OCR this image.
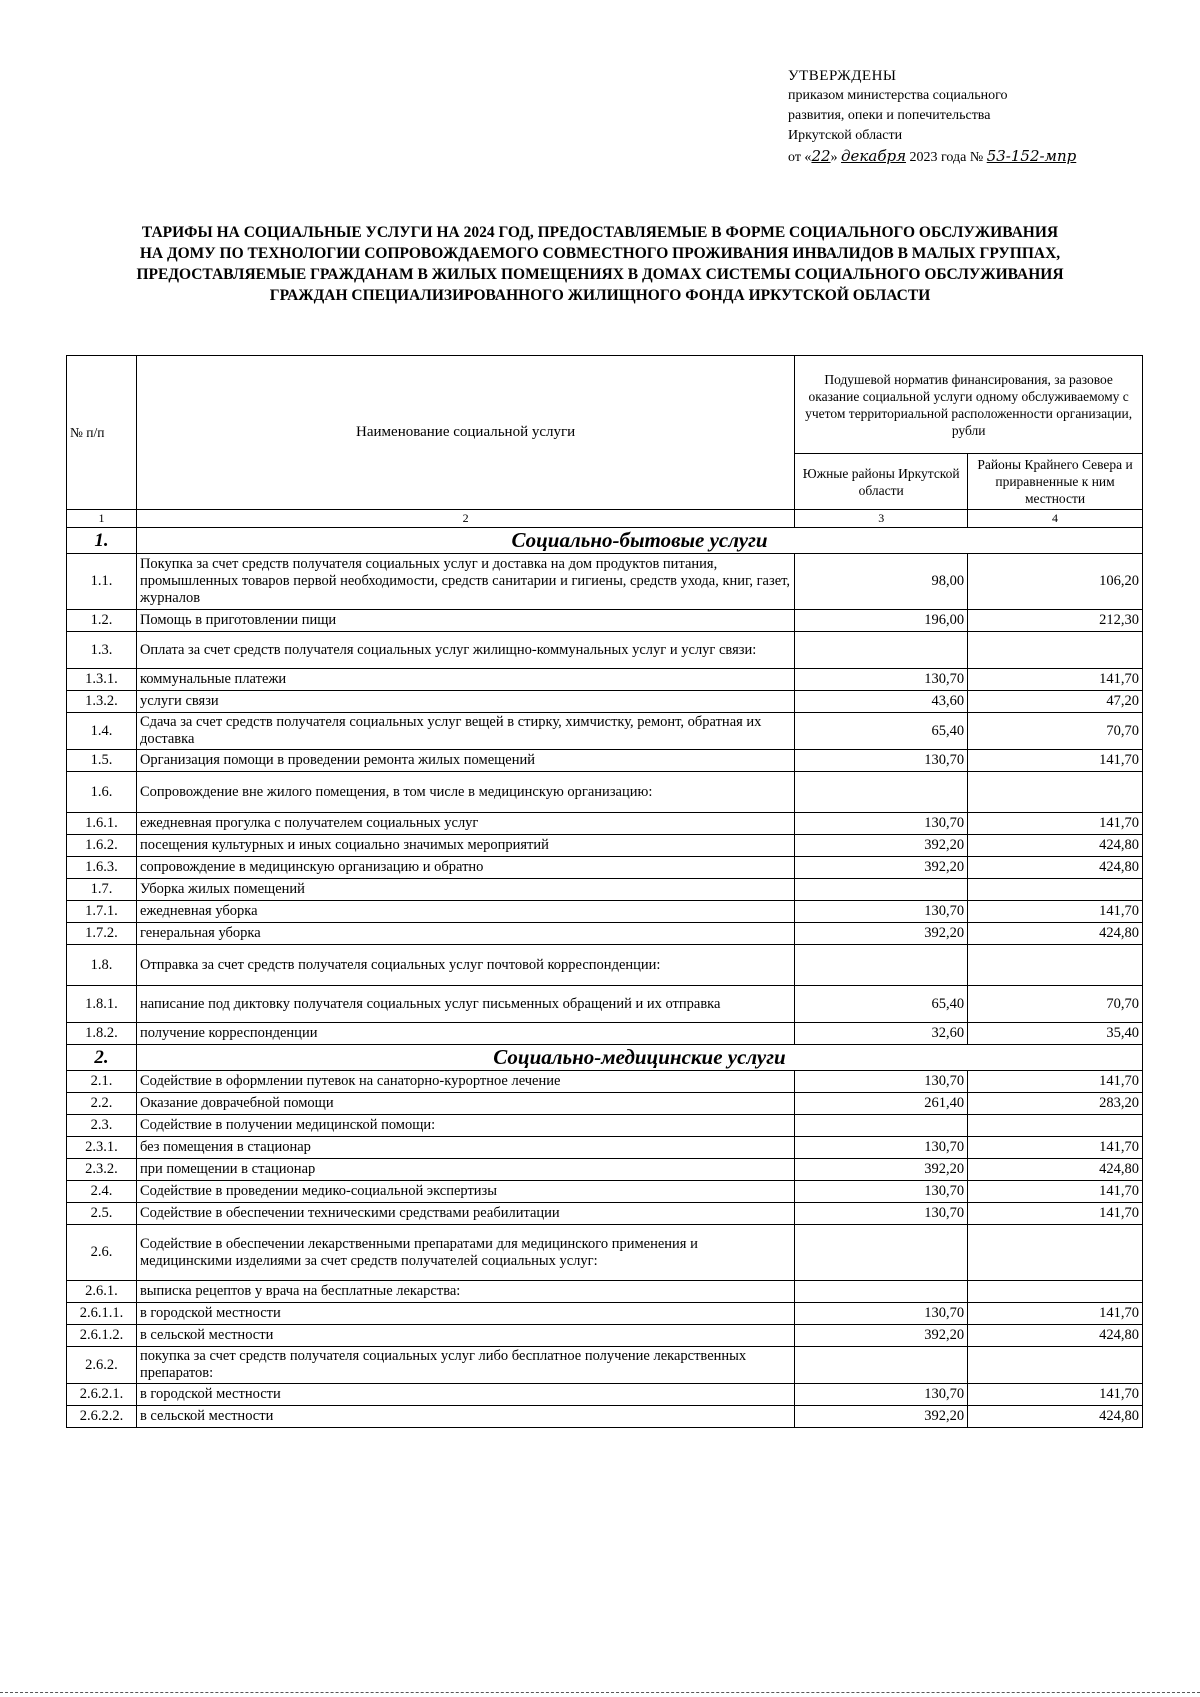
УТВЕРЖДЕНЫ
приказом министерства социального
развития, опеки и попечительства
Иркутской области
от «22» декабря 2023 года № 53-152-мпр
ТАРИФЫ НА СОЦИАЛЬНЫЕ УСЛУГИ НА 2024 ГОД, ПРЕДОСТАВЛЯЕМЫЕ В ФОРМЕ СОЦИАЛЬНОГО ОБСЛУЖИВАНИЯ
НА ДОМУ ПО ТЕХНОЛОГИИ СОПРОВОЖДАЕМОГО СОВМЕСТНОГО ПРОЖИВАНИЯ ИНВАЛИДОВ В МАЛЫХ ГРУППАХ,
ПРЕДОСТАВЛЯЕМЫЕ ГРАЖДАНАМ В ЖИЛЫХ ПОМЕЩЕНИЯХ В ДОМАХ СИСТЕМЫ СОЦИАЛЬНОГО ОБСЛУЖИВАНИЯ
ГРАЖДАН СПЕЦИАЛИЗИРОВАННОГО ЖИЛИЩНОГО ФОНДА ИРКУТСКОЙ ОБЛАСТИ
№ п/п	Наименование социальной услуги	Подушевой норматив финансирования, за разовое оказание социальной услуги одному обслуживаемому с учетом территориальной расположенности организации, рубли	
		Южные районы Иркутской области	Районы Крайнего Севера и приравненные к ним местности
1	2	3	4
1.	Социально-бытовые услуги		
1.1.	Покупка за счет средств получателя социальных услуг и доставка на дом продуктов питания, промышленных товаров первой необходимости, средств санитарии и гигиены, средств ухода, книг, газет, журналов	98,00	106,20
1.2.	Помощь в приготовлении пищи	196,00	212,30
1.3.	Оплата за счет средств получателя социальных услуг жилищно-коммунальных услуг и услуг связи:		
1.3.1.	коммунальные платежи	130,70	141,70
1.3.2.	услуги связи	43,60	47,20
1.4.	Сдача за счет средств получателя социальных услуг вещей в стирку, химчистку, ремонт, обратная их доставка	65,40	70,70
1.5.	Организация помощи в проведении ремонта жилых помещений	130,70	141,70
1.6.	Сопровождение вне жилого помещения, в том числе в медицинскую организацию:		
1.6.1.	ежедневная прогулка с получателем социальных услуг	130,70	141,70
1.6.2.	посещения культурных и иных социально значимых мероприятий	392,20	424,80
1.6.3.	сопровождение в медицинскую организацию и обратно	392,20	424,80
1.7.	Уборка жилых помещений		
1.7.1.	ежедневная уборка	130,70	141,70
1.7.2.	генеральная уборка	392,20	424,80
1.8.	Отправка за счет средств получателя социальных услуг почтовой корреспонденции:		
1.8.1.	написание под диктовку получателя социальных услуг письменных обращений и их отправка	65,40	70,70
1.8.2.	получение корреспонденции	32,60	35,40
2.	Социально-медицинские услуги		
2.1.	Содействие в оформлении путевок на санаторно-курортное лечение	130,70	141,70
2.2.	Оказание доврачебной помощи	261,40	283,20
2.3.	Содействие в получении медицинской помощи:		
2.3.1.	без помещения в стационар	130,70	141,70
2.3.2.	при помещении в стационар	392,20	424,80
2.4.	Содействие в проведении медико-социальной экспертизы	130,70	141,70
2.5.	Содействие в обеспечении техническими средствами реабилитации	130,70	141,70
2.6.	Содействие в обеспечении лекарственными препаратами для медицинского применения и медицинскими изделиями за счет средств получателей социальных услуг:		
2.6.1.	выписка рецептов у врача на бесплатные лекарства:		
2.6.1.1.	в городской местности	130,70	141,70
2.6.1.2.	в сельской местности	392,20	424,80
2.6.2.	покупка за счет средств получателя социальных услуг либо бесплатное получение лекарственных препаратов:		
2.6.2.1.	в городской местности	130,70	141,70
2.6.2.2.	в сельской местности	392,20	424,80
